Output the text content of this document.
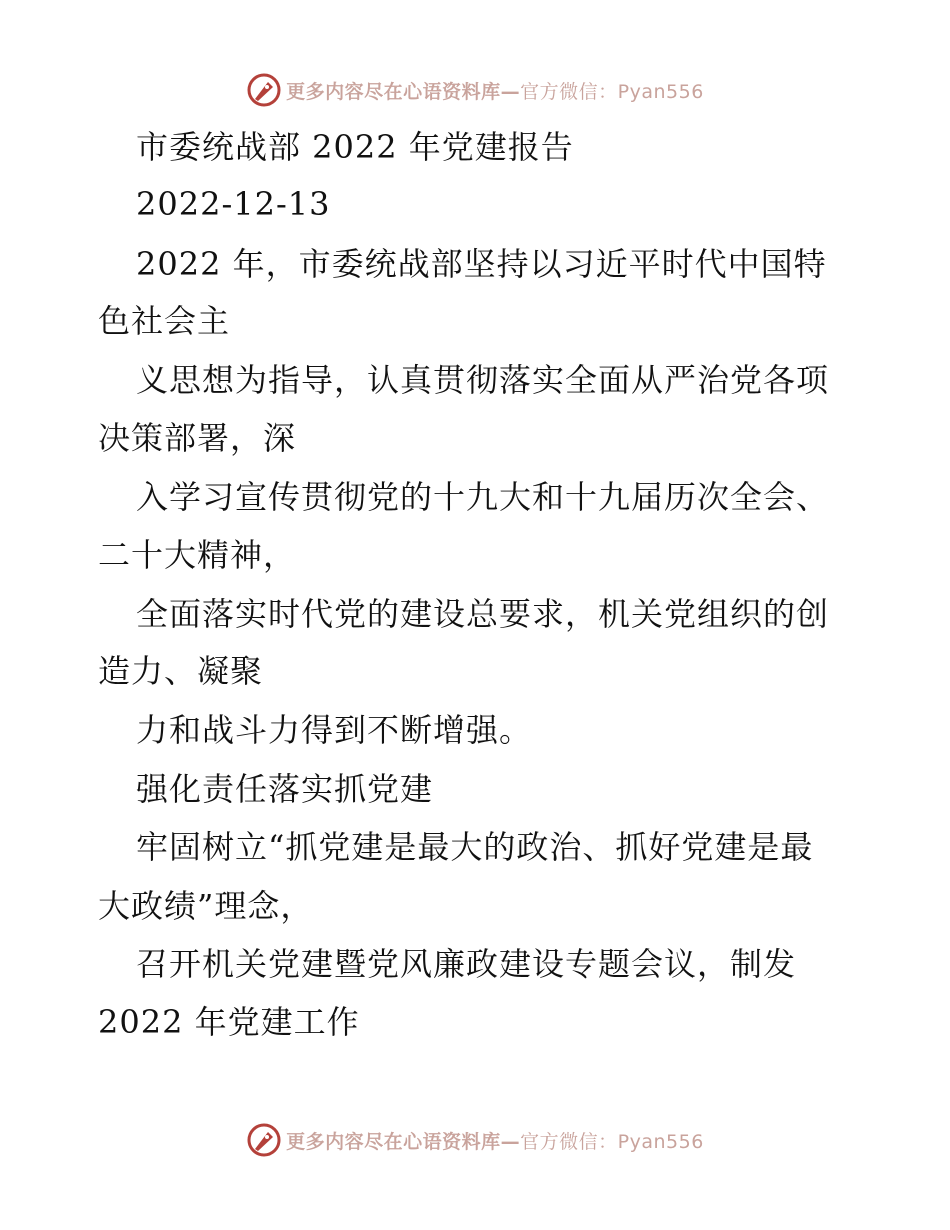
更多内容尽在心语资料库—官方微信：Pyan556
市委统战部 2022 年党建报告
2022-12-13
2022 年，市委统战部坚持以习近平时代中国特
色社会主
义思想为指导，认真贯彻落实全面从严治党各项
决策部署，深
入学习宣传贯彻党的十九大和十九届历次全会、
二十大精神，
全面落实时代党的建设总要求，机关党组织的创
造力、凝聚
力和战斗力得到不断增强。
强化责任落实抓党建
牢固树立“抓党建是最大的政治、抓好党建是最
大政绩”理念，
召开机关党建暨党风廉政建设专题会议，制发
2022 年党建工作
更多内容尽在心语资料库—官方微信：Pyan556
